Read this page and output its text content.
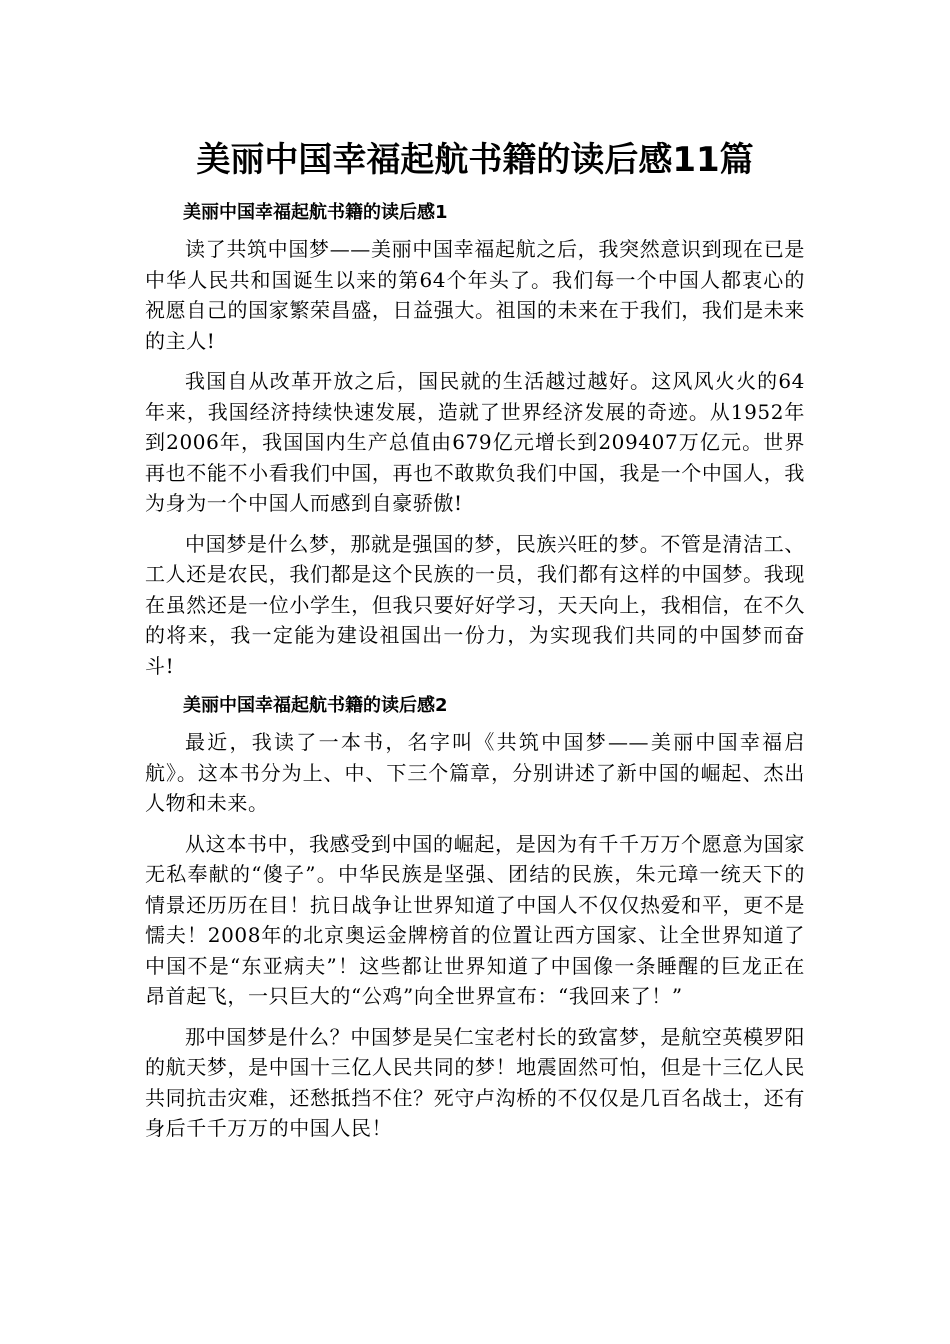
美丽中国幸福起航书籍的读后感11篇
美丽中国幸福起航书籍的读后感1

读了共筑中国梦——美丽中国幸福起航之后，我突然意识到现在已是中华人民共和国诞生以来的第64个年头了。我们每一个中国人都衷心的祝愿自己的国家繁荣昌盛，日益强大。祖国的未来在于我们，我们是未来的主人!

我国自从改革开放之后，国民就的生活越过越好。这风风火火的64年来，我国经济持续快速发展，造就了世界经济发展的奇迹。从1952年到2006年，我国国内生产总值由679亿元增长到209407万亿元。世界再也不能不小看我们中国，再也不敢欺负我们中国，我是一个中国人，我为身为一个中国人而感到自豪骄傲!

中国梦是什么梦，那就是强国的梦，民族兴旺的梦。不管是清洁工、工人还是农民，我们都是这个民族的一员，我们都有这样的中国梦。我现在虽然还是一位小学生，但我只要好好学习，天天向上，我相信，在不久的将来，我一定能为建设祖国出一份力，为实现我们共同的中国梦而奋斗!

美丽中国幸福起航书籍的读后感2

最近，我读了一本书，名字叫《共筑中国梦——美丽中国幸福启航》。这本书分为上、中、下三个篇章，分别讲述了新中国的崛起、杰出人物和未来。

从这本书中，我感受到中国的崛起，是因为有千千万万个愿意为国家无私奉献的“傻子”。中华民族是坚强、团结的民族，朱元璋一统天下的情景还历历在目！抗日战争让世界知道了中国人不仅仅热爱和平，更不是懦夫！2008年的北京奥运金牌榜首的位置让西方国家、让全世界知道了中国不是“东亚病夫”！这些都让世界知道了中国像一条睡醒的巨龙正在昂首起飞，一只巨大的“公鸡”向全世界宣布：“我回来了！”

那中国梦是什么？中国梦是吴仁宝老村长的致富梦，是航空英模罗阳的航天梦，是中国十三亿人民共同的梦！地震固然可怕，但是十三亿人民共同抗击灾难，还愁抵挡不住？死守卢沟桥的不仅仅是几百名战士，还有身后千千万万的中国人民！
